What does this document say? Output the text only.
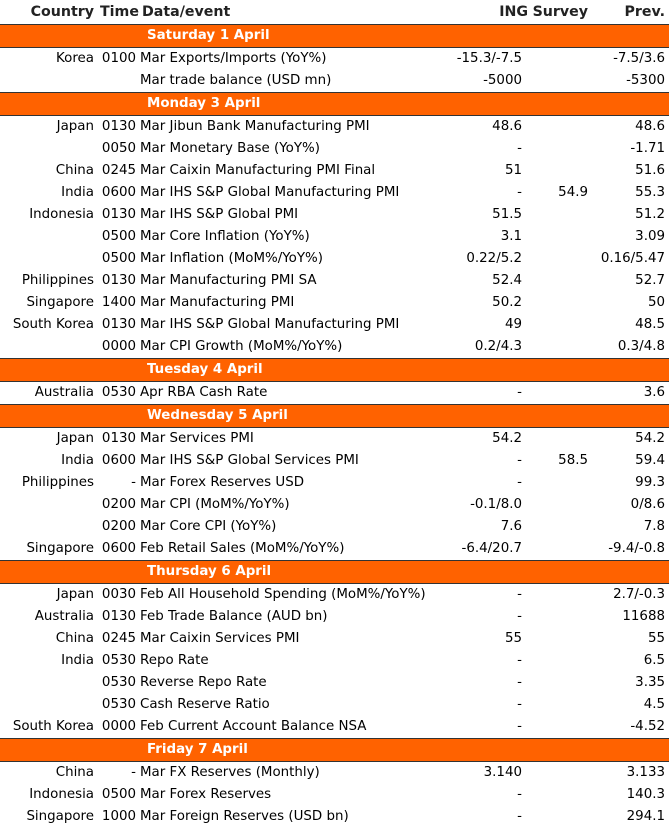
Country	Time	Data/event	ING	Survey	Prev.
Saturday 1 April					
Korea	0100	Mar Exports/Imports (YoY%)	-15.3/-7.5		-7.5/3.6
		Mar trade balance (USD mn)	-5000		-5300
Monday 3 April					
Japan	0130	Mar Jibun Bank Manufacturing PMI	48.6		48.6
	0050	Mar Monetary Base (YoY%)	-		-1.71
China	0245	Mar Caixin Manufacturing PMI Final	51		51.6
India	0600	Mar IHS S&P Global Manufacturing PMI	-	54.9	55.3
Indonesia	0130	Mar IHS S&P Global PMI	51.5		51.2
	0500	Mar Core Inflation (YoY%)	3.1		3.09
	0500	Mar Inflation (MoM%/YoY%)	0.22/5.2		0.16/5.47
Philippines	0130	Mar Manufacturing PMI SA	52.4		52.7
Singapore	1400	Mar Manufacturing PMI	50.2		50
South Korea	0130	Mar IHS S&P Global Manufacturing PMI	49		48.5
	0000	Mar CPI Growth (MoM%/YoY%)	0.2/4.3		0.3/4.8
Tuesday 4 April					
Australia	0530	Apr RBA Cash Rate	-		3.6
Wednesday 5 April					
Japan	0130	Mar Services PMI	54.2		54.2
India	0600	Mar IHS S&P Global Services PMI	-	58.5	59.4
Philippines	-	Mar Forex Reserves USD	-		99.3
	0200	Mar CPI (MoM%/YoY%)	-0.1/8.0		0/8.6
	0200	Mar Core CPI (YoY%)	7.6		7.8
Singapore	0600	Feb Retail Sales (MoM%/YoY%)	-6.4/20.7		-9.4/-0.8
Thursday 6 April					
Japan	0030	Feb All Household Spending (MoM%/YoY%)	-		2.7/-0.3
Australia	0130	Feb Trade Balance (AUD bn)	-		11688
China	0245	Mar Caixin Services PMI	55		55
India	0530	Repo Rate	-		6.5
	0530	Reverse Repo Rate	-		3.35
	0530	Cash Reserve Ratio	-		4.5
South Korea	0000	Feb Current Account Balance NSA	-		-4.52
Friday 7 April					
China	-	Mar FX Reserves (Monthly)	3.140		3.133
Indonesia	0500	Mar Forex Reserves	-		140.3
Singapore	1000	Mar Foreign Reserves (USD bn)	-		294.1
